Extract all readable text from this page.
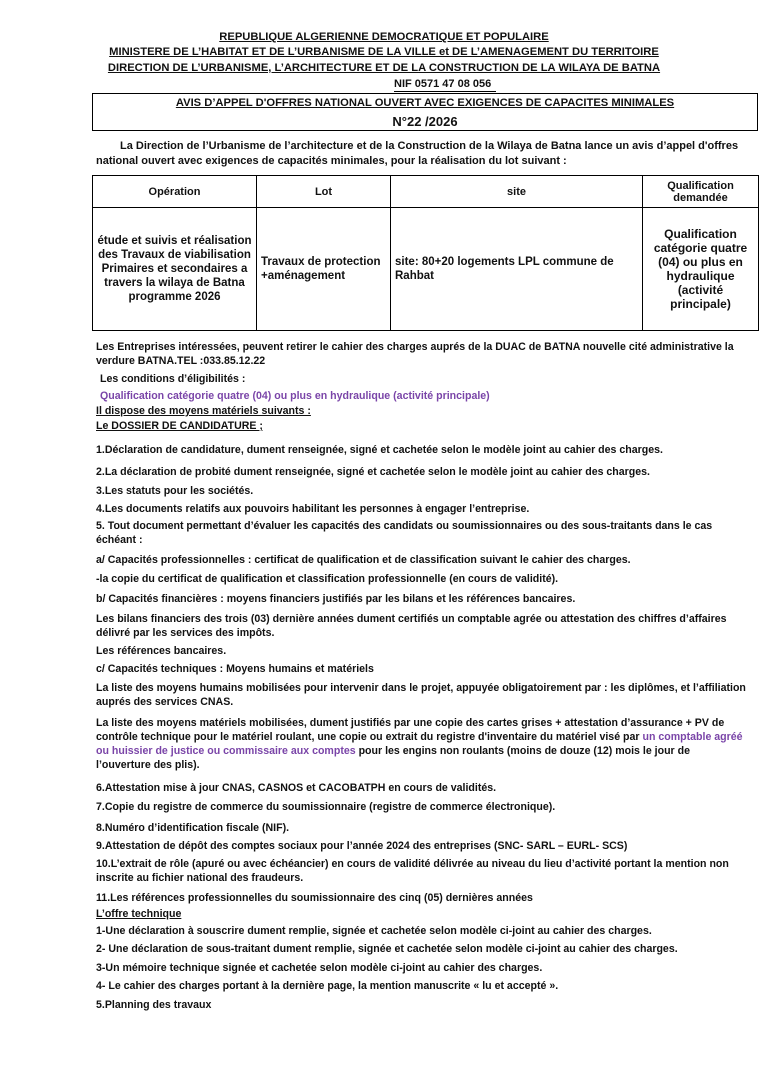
REPUBLIQUE ALGERIENNE DEMOCRATIQUE ET POPULAIRE
MINISTERE DE L’HABITAT ET DE L’URBANISME DE LA VILLE et DE L’AMENAGEMENT DU TERRITOIRE
DIRECTION DE L’URBANISME, L’ARCHITECTURE ET DE LA CONSTRUCTION DE LA WILAYA DE BATNA
NIF 0571 47 08 056
AVIS D’APPEL D'OFFRES NATIONAL OUVERT AVEC EXIGENCES DE CAPACITES MINIMALES
N°22 /2026
La Direction de l’Urbanisme de l’architecture et de la Construction de la Wilaya de Batna lance un avis d’appel d'offres national ouvert avec exigences de capacités minimales, pour la réalisation du lot suivant :
Opération	Lot	site	Qualification demandée
étude et suivis et réalisation des Travaux de viabilisation Primaires et secondaires a travers la wilaya de Batna programme 2026	Travaux de protection +aménagement	site: 80+20 logements LPL commune de Rahbat	Qualification catégorie quatre (04) ou plus en hydraulique (activité principale)
Les Entreprises intéressées, peuvent retirer le cahier des charges auprés de la DUAC de BATNA nouvelle cité administrative la verdure BATNA.TEL :033.85.12.22
Les conditions d’éligibilités :
Qualification catégorie quatre (04) ou plus en hydraulique (activité principale)
Il dispose des moyens matériels suivants :
Le DOSSIER DE CANDIDATURE ;
1.Déclaration de candidature, dument renseignée, signé et cachetée selon le modèle joint au cahier des charges.
2.La déclaration de probité dument renseignée, signé et cachetée selon le modèle joint au cahier des charges.
3.Les statuts pour les sociétés.
4.Les documents relatifs aux pouvoirs habilitant les personnes à engager l’entreprise.
5. Tout document permettant d’évaluer les capacités des candidats ou soumissionnaires ou des sous-traitants dans le cas échéant :
a/ Capacités professionnelles : certificat de qualification et de classification suivant le cahier des charges.
-la copie du certificat de qualification et classification professionnelle (en cours de validité).
b/ Capacités financières : moyens financiers justifiés par les bilans et les références bancaires.
Les bilans financiers des trois (03) dernière années dument certifiés un comptable agrée ou attestation des chiffres d’affaires délivré par les services des impôts.
Les références bancaires.
c/ Capacités techniques : Moyens humains et matériels
La liste des moyens humains mobilisées pour intervenir dans le projet, appuyée obligatoirement par : les diplômes, et l’affiliation auprés des services CNAS.
La liste des moyens matériels mobilisées, dument justifiés par une copie des cartes grises + attestation d’assurance + PV de contrôle technique pour le matériel roulant, une copie ou extrait du registre d'inventaire du matériel visé par un comptable agréé ou huissier de justice ou commissaire aux comptes pour les engins non roulants (moins de douze (12) mois le jour de l’ouverture des plis).
6.Attestation mise à jour CNAS, CASNOS et CACOBATPH en cours de validités.
7.Copie du registre de commerce du soumissionnaire (registre de commerce électronique).
8.Numéro d’identification fiscale (NIF).
9.Attestation de dépôt des comptes sociaux pour l’année 2024 des entreprises (SNC- SARL – EURL- SCS)
10.L’extrait de rôle (apuré ou avec échéancier) en cours de validité délivrée au niveau du lieu d’activité portant la mention non inscrite au fichier national des fraudeurs.
11.Les références professionnelles du soumissionnaire des cinq (05) dernières années
L’offre technique
1-Une déclaration à souscrire dument remplie, signée et cachetée selon modèle ci-joint au cahier des charges.
2- Une déclaration de sous-traitant dument remplie, signée et cachetée selon modèle ci-joint au cahier des charges.
3-Un mémoire technique signée et cachetée selon modèle ci-joint au cahier des charges.
4- Le cahier des charges portant à la dernière page, la mention manuscrite « lu et accepté ».
5.Planning des travaux
